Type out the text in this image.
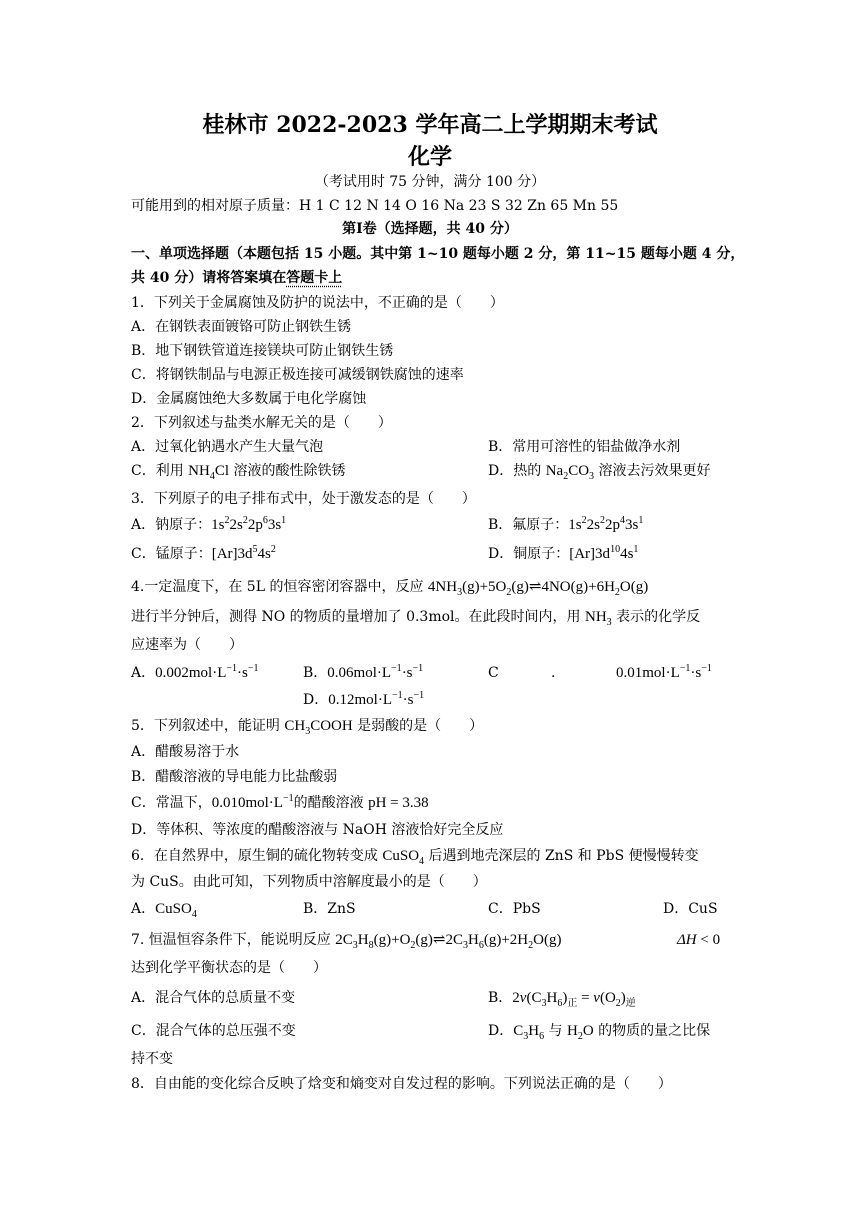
桂林市 2022-2023 学年高二上学期期末考试
化学
（考试用时 75 分钟，满分 100 分）
可能用到的相对原子质量：H 1 C 12 N 14 O 16 Na 23 S 32 Zn 65 Mn 55
第Ⅰ卷（选择题，共 40 分）
一、单项选择题（本题包括 15 小题。其中第 1~10 题每小题 2 分，第 11~15 题每小题 4 分，
共 40 分）请将答案填在答题卡上
1．下列关于金属腐蚀及防护的说法中，不正确的是（　　）
A．在钢铁表面镀铬可防止钢铁生锈
B．地下钢铁管道连接镁块可防止钢铁生锈
C．将钢铁制品与电源正极连接可减缓钢铁腐蚀的速率
D．金属腐蚀绝大多数属于电化学腐蚀
2．下列叙述与盐类水解无关的是（　　）
A．过氧化钠遇水产生大量气泡	B．常用可溶性的铝盐做净水剂
C．利用 $NH_4Cl$ 溶液的酸性除铁锈	D．热的 $Na_2CO_3$ 溶液去污效果更好
3．下列原子的电子排布式中，处于激发态的是（　　）
A．钠原子：$1s^22s^22p^63s^1$	B．氟原子：$1s^22s^22p^43s^1$
C．锰原子：$[Ar]3d^54s^2$	D．铜原子：$[Ar]3d^{10}4s^1$
4.一定温度下，在 5L 的恒容密闭容器中，反应 $4NH_3(g)+5O_2(g)\rightleftharpoons 4NO(g)+6H_2O(g)$
进行半分钟后，测得 NO 的物质的量增加了 0.3mol。在此段时间内，用 $NH_3$ 表示的化学反
应速率为（　　）
A．$0.002mol\cdot L^{-1}\cdot s^{-1}$	B．$0.06mol\cdot L^{-1}\cdot s^{-1}$	C	.	$0.01mol\cdot L^{-1}\cdot s^{-1}$
D．$0.12mol\cdot L^{-1}\cdot s^{-1}$
5．下列叙述中，能证明 $CH_3COOH$ 是弱酸的是（　　）
A．醋酸易溶于水
B．醋酸溶液的导电能力比盐酸弱
C．常温下，$0.010mol\cdot L^{-1}$的醋酸溶液 pH = 3.38
D．等体积、等浓度的醋酸溶液与 NaOH 溶液恰好完全反应
6．在自然界中，原生铜的硫化物转变成 CuSO$_4$ 后遇到地壳深层的 ZnS 和 PbS 便慢慢转变
为 CuS。由此可知，下列物质中溶解度最小的是（　　）
A．CuSO$_4$	B．ZnS	C．PbS	D．CuS
7. 恒温恒容条件下，能说明反应 $2C_3H_8(g)+O_2(g)\rightleftharpoons 2C_3H_6(g)+2H_2O(g)$	ΔH < 0
达到化学平衡状态的是（　　）
A．混合气体的总质量不变	B．$2v(C_3H_6)_正 = v(O_2)_逆$
C．混合气体的总压强不变	D．$C_3H_6$ 与 $H_2O$ 的物质的量之比保
持不变
8．自由能的变化综合反映了焓变和熵变对自发过程的影响。下列说法正确的是（　　）
